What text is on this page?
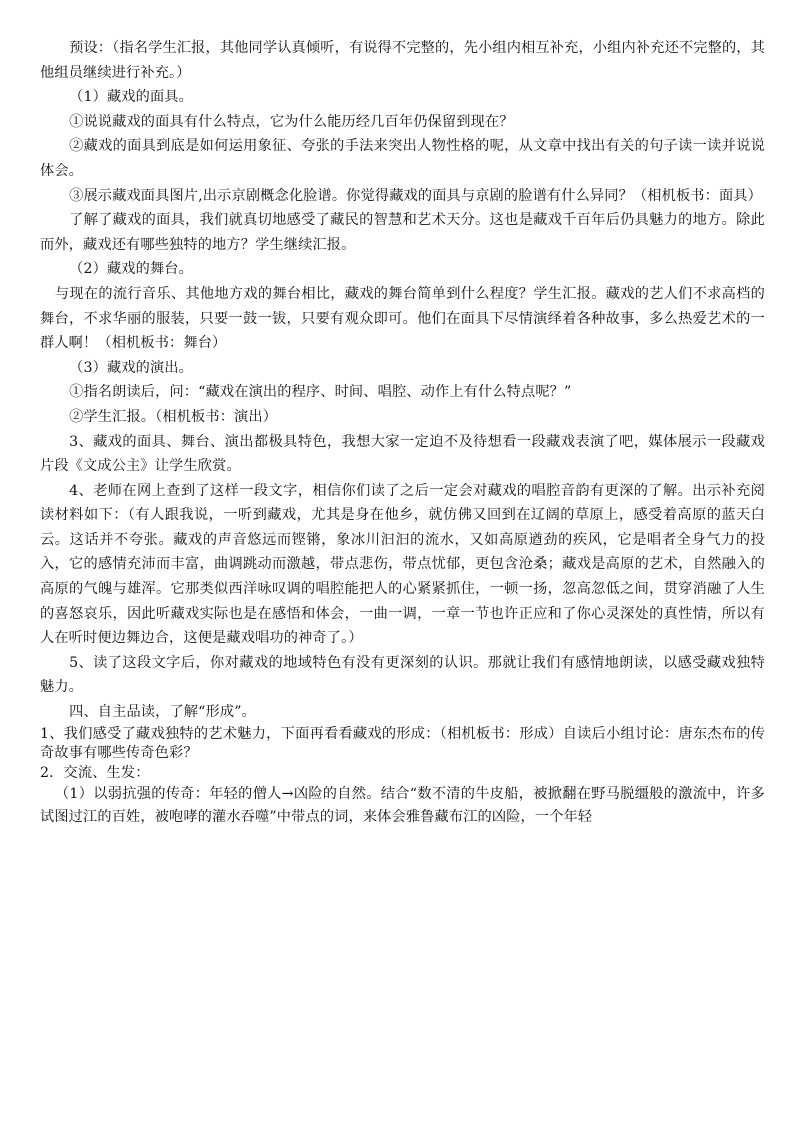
预设：（指名学生汇报，其他同学认真倾听，有说得不完整的，先小组内相互补充，小组内补充还不完整的，其他组员继续进行补充。）

（1）藏戏的面具。

①说说藏戏的面具有什么特点，它为什么能历经几百年仍保留到现在？

②藏戏的面具到底是如何运用象征、夸张的手法来突出人物性格的呢，从文章中找出有关的句子读一读并说说体会。

③展示藏戏面具图片,出示京剧概念化脸谱。你觉得藏戏的面具与京剧的脸谱有什么异同？（相机板书：面具）

了解了藏戏的面具，我们就真切地感受了藏民的智慧和艺术天分。这也是藏戏千百年后仍具魅力的地方。除此而外，藏戏还有哪些独特的地方？学生继续汇报。

（2）藏戏的舞台。

与现在的流行音乐、其他地方戏的舞台相比，藏戏的舞台简单到什么程度？学生汇报。藏戏的艺人们不求高档的舞台，不求华丽的服装，只要一鼓一钹，只要有观众即可。他们在面具下尽情演绎着各种故事，多么热爱艺术的一群人啊！（相机板书：舞台）

（3）藏戏的演出。

①指名朗读后，问：“藏戏在演出的程序、时间、唱腔、动作上有什么特点呢？”

②学生汇报。（相机板书：演出）

3、藏戏的面具、舞台、演出都极具特色，我想大家一定迫不及待想看一段藏戏表演了吧，媒体展示一段藏戏片段《文成公主》让学生欣赏。

4、老师在网上查到了这样一段文字，相信你们读了之后一定会对藏戏的唱腔音韵有更深的了解。出示补充阅读材料如下：（有人跟我说，一听到藏戏，尤其是身在他乡，就仿佛又回到在辽阔的草原上，感受着高原的蓝天白云。这话并不夸张。藏戏的声音悠远而铿锵，象冰川汩汩的流水，又如高原遒劲的疾风，它是唱者全身气力的投入，它的感情充沛而丰富，曲调跳动而激越，带点悲伤，带点忧郁，更包含沧桑；藏戏是高原的艺术，自然融入的高原的气魄与雄浑。它那类似西洋咏叹调的唱腔能把人的心紧紧抓住，一顿一扬，忽高忽低之间，贯穿消融了人生的喜怒哀乐，因此听藏戏实际也是在感悟和体会，一曲一调，一章一节也许正应和了你心灵深处的真性情，所以有人在听时便边舞边合，这便是藏戏唱功的神奇了。）

5、读了这段文字后，你对藏戏的地域特色有没有更深刻的认识。那就让我们有感情地朗读，以感受藏戏独特魅力。

四、自主品读，了解“形成”。

1、我们感受了藏戏独特的艺术魅力，下面再看看藏戏的形成：（相机板书：形成）自读后小组讨论：唐东杰布的传奇故事有哪些传奇色彩？

2．交流、生发：

（1）以弱抗强的传奇：年轻的僧人→凶险的自然。结合“数不清的牛皮船，被掀翻在野马脱缰般的激流中，许多试图过江的百姓，被咆哮的灌水吞噬”中带点的词，来体会雅鲁藏布江的凶险，一个年轻
